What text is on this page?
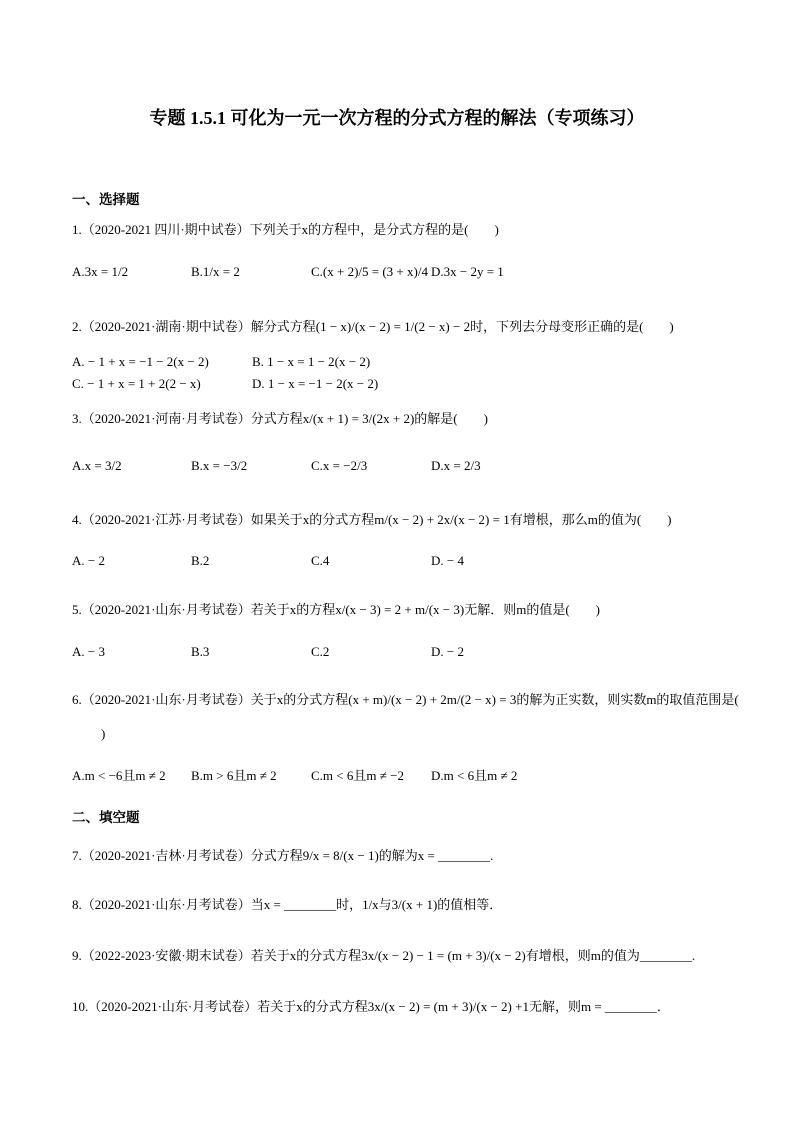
专题 1.5.1 可化为一元一次方程的分式方程的解法（专项练习）
一、选择题
1.（2020-2021 四川·期中试卷）下列关于x的方程中，是分式方程的是(　　)
A.3x = 1/2	B.1/x = 2	C.(x + 2)/5 = (3 + x)/4 D.3x − 2y = 1
2.（2020-2021·湖南·期中试卷）解分式方程(1 − x)/(x − 2) = 1/(2 − x) − 2时，下列去分母变形正确的是(　　)
A. − 1 + x = −1 − 2(x − 2)	B. 1 − x = 1 − 2(x − 2)
C. − 1 + x = 1 + 2(2 − x)	D. 1 − x = −1 − 2(x − 2)
3.（2020-2021·河南·月考试卷）分式方程x/(x + 1) = 3/(2x + 2)的解是(　　)
A.x = 3/2	B.x = −3/2	C.x = −2/3	D.x = 2/3
4.（2020-2021·江苏·月考试卷）如果关于x的分式方程m/(x − 2) + 2x/(x − 2) = 1有增根，那么m的值为(　　)
A. − 2	B.2	C.4	D. − 4
5.（2020-2021·山东·月考试卷）若关于x的方程x/(x − 3) = 2 + m/(x − 3)无解．则m的值是(　　)
A. − 3	B.3	C.2	D. − 2
6.（2020-2021·山东·月考试卷）关于x的分式方程(x + m)/(x − 2) + 2m/(2 − x) = 3的解为正实数，则实数m的取值范围是(
)
A.m < −6且m ≠ 2 B.m > 6且m ≠ 2	C.m < 6且m ≠ −2 D.m < 6且m ≠ 2
二、填空题
7.（2020-2021·吉林·月考试卷）分式方程9/x = 8/(x − 1)的解为x = ________.
8.（2020-2021·山东·月考试卷）当x = ________时，1/x与3/(x + 1)的值相等．
9.（2022-2023·安徽·期末试卷）若关于x的分式方程3x/(x − 2) − 1 = (m + 3)/(x − 2)有增根，则m的值为________.
10.（2020-2021·山东·月考试卷）若关于x的分式方程3x/(x − 2) = (m + 3)/(x − 2) +1无解，则m = ________．
